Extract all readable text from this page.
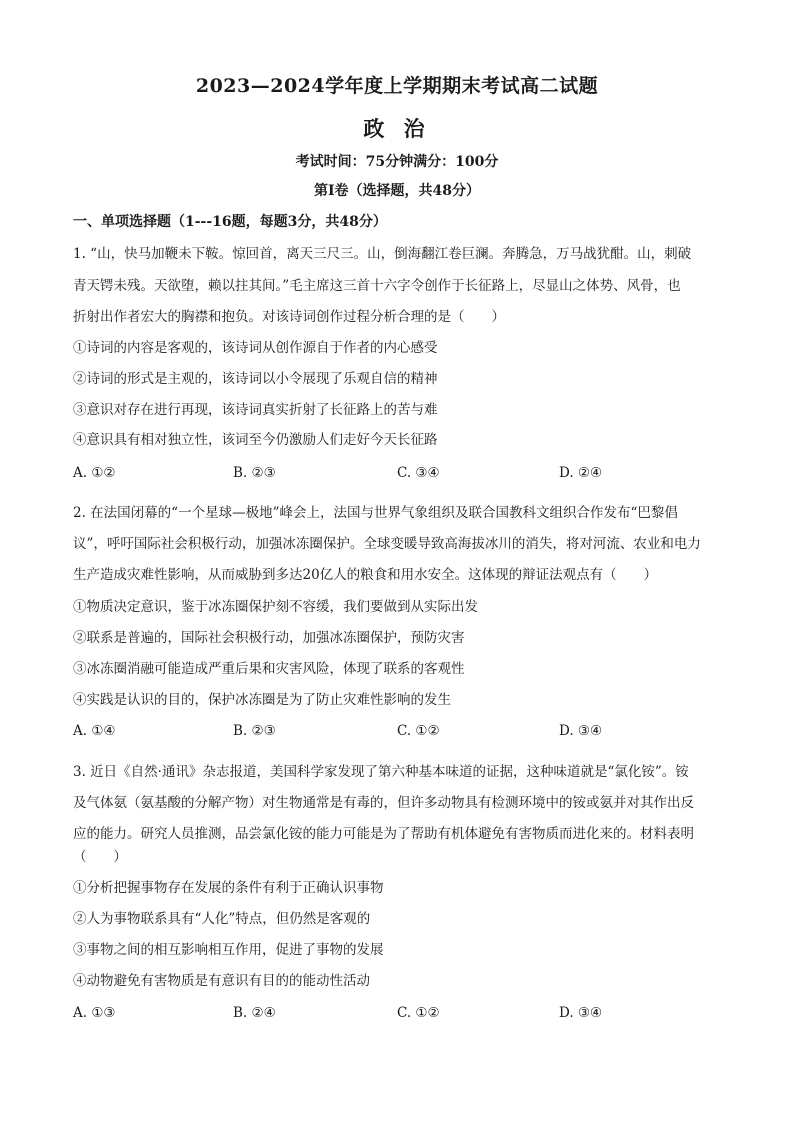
2023—2024学年度上学期期末考试高二试题
政 治
考试时间：75分钟满分：100分
第Ⅰ卷（选择题，共48分）
一、单项选择题（1---16题，每题3分，共48分）
1. “山，快马加鞭未下鞍。惊回首，离天三尺三。山，倒海翻江卷巨澜。奔腾急，万马战犹酣。山，刺破
青天锷未残。天欲堕，赖以拄其间。”毛主席这三首十六字令创作于长征路上，尽显山之体势、风骨，也
折射出作者宏大的胸襟和抱负。对该诗词创作过程分析合理的是（　　）
①诗词的内容是客观的，该诗词从创作源自于作者的内心感受
②诗词的形式是主观的，该诗词以小令展现了乐观自信的精神
③意识对存在进行再现，该诗词真实折射了长征路上的苦与难
④意识具有相对独立性，该词至今仍激励人们走好今天长征路
A. ①②	B. ②③	C. ③④	D. ②④
2. 在法国闭幕的“一个星球—极地”峰会上，法国与世界气象组织及联合国教科文组织合作发布“巴黎倡
议”，呼吁国际社会积极行动，加强冰冻圈保护。全球变暖导致高海拔冰川的消失，将对河流、农业和电力
生产造成灾难性影响，从而威胁到多达20亿人的粮食和用水安全。这体现的辩证法观点有（　　）
①物质决定意识，鉴于冰冻圈保护刻不容缓，我们要做到从实际出发
②联系是普遍的，国际社会积极行动，加强冰冻圈保护，预防灾害
③冰冻圈消融可能造成严重后果和灾害风险，体现了联系的客观性
④实践是认识的目的，保护冰冻圈是为了防止灾难性影响的发生
A. ①④	B. ②③	C. ①②	D. ③④
3. 近日《自然·通讯》杂志报道，美国科学家发现了第六种基本味道的证据，这种味道就是“氯化铵”。铵
及气体氨（氨基酸的分解产物）对生物通常是有毒的，但许多动物具有检测环境中的铵或氨并对其作出反
应的能力。研究人员推测，品尝氯化铵的能力可能是为了帮助有机体避免有害物质而进化来的。材料表明
（　　）
①分析把握事物存在发展的条件有利于正确认识事物
②人为事物联系具有“人化”特点，但仍然是客观的
③事物之间的相互影响相互作用，促进了事物的发展
④动物避免有害物质是有意识有目的的能动性活动
A. ①③	B. ②④	C. ①②	D. ③④
